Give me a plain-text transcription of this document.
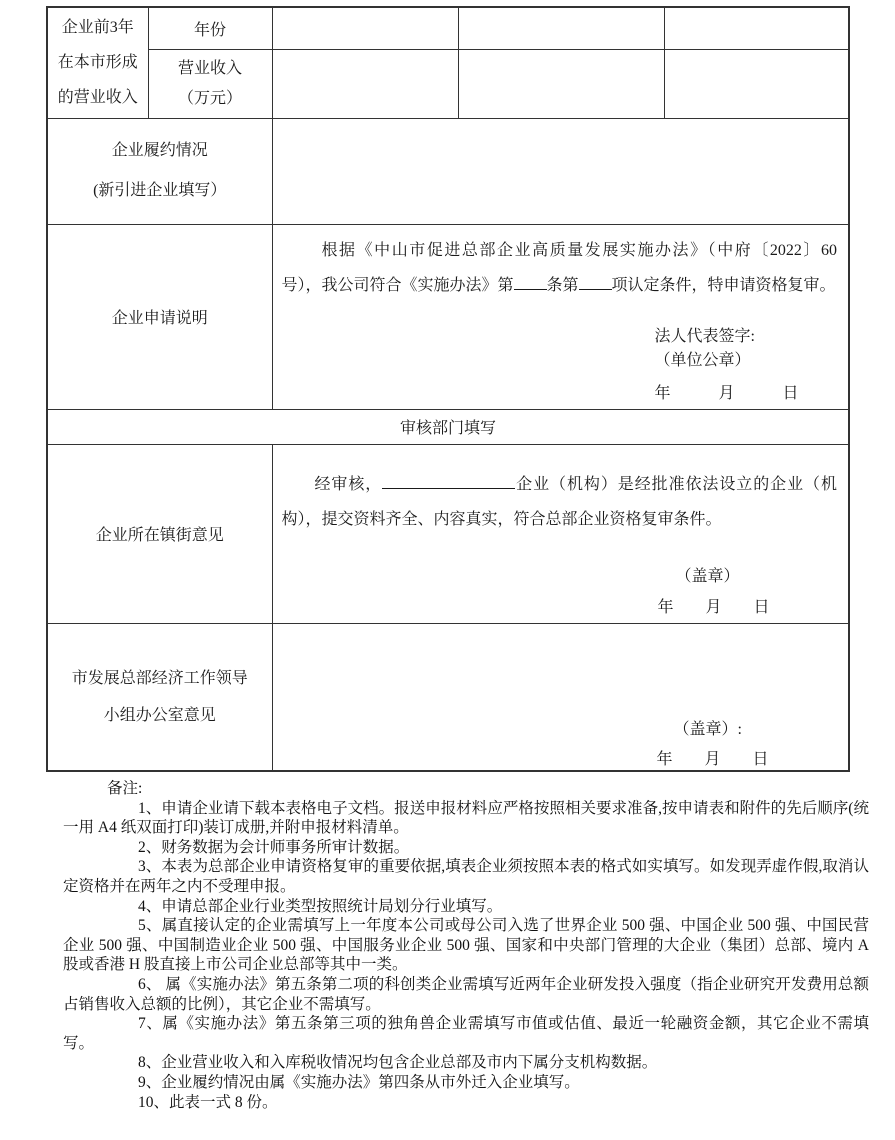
企业前3年
在本市形成
的营业收入	年份			

	营业收入
（万元）			

企业履约情况
(新引进企业填写）				

企业申请说明		根据《中山市促进总部企业高质量发展实施办法》（中府〔2022〕60 号），我公司符合《实施办法》第 条第 项认定条件，特申请资格复审。

法人代表签字:
（单位公章）
年　　　月　　　日		

审核部门填写				
企业所在镇街意见		经审核， 企业（机构）是经批准依法设立的企业（机构），提交资料齐全、内容真实，符合总部企业资格复审条件。

（盖章）
年　　月　　日		

市发展总部经济工作领导
小组办公室意见		（盖章）:
年　　月　　日		

备注:

1、申请企业请下载本表格电子文档。报送申报材料应严格按照相关要求准备,按申请表和附件的先后顺序(统一用 A4 纸双面打印)装订成册,并附申报材料清单。

2、财务数据为会计师事务所审计数据。

3、本表为总部企业申请资格复审的重要依据,填表企业须按照本表的格式如实填写。如发现弄虚作假,取消认定资格并在两年之内不受理申报。

4、申请总部企业行业类型按照统计局划分行业填写。

5、属直接认定的企业需填写上一年度本公司或母公司入选了世界企业 500 强、中国企业 500 强、中国民营企业 500 强、中国制造业企业 500 强、中国服务业企业 500 强、国家和中央部门管理的大企业（集团）总部、境内 A 股或香港 H 股直接上市公司企业总部等其中一类。

6、 属《实施办法》第五条第二项的科创类企业需填写近两年企业研发投入强度（指企业研究开发费用总额占销售收入总额的比例），其它企业不需填写。

7、属《实施办法》第五条第三项的独角兽企业需填写市值或估值、最近一轮融资金额，其它企业不需填写。

8、企业营业收入和入库税收情况均包含企业总部及市内下属分支机构数据。

9、企业履约情况由属《实施办法》第四条从市外迁入企业填写。

10、此表一式 8 份。
